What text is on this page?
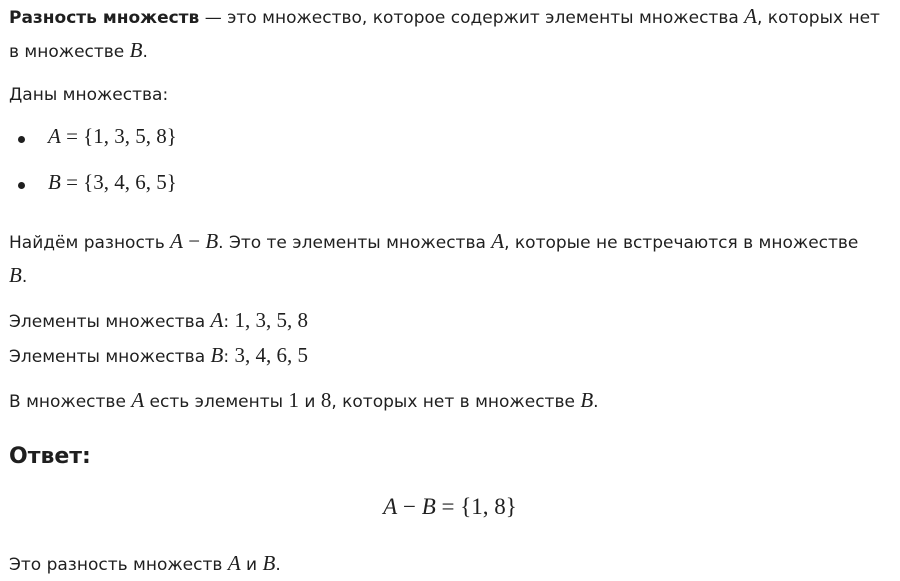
Разность множеств — это множество, которое содержит элементы множества A, которых нет
в множестве B.
Даны множества:
A = {1, 3, 5, 8}
B = {3, 4, 6, 5}
Найдём разность A − B. Это те элементы множества A, которые не встречаются в множестве
B.
Элементы множества A: 1, 3, 5, 8
Элементы множества B: 3, 4, 6, 5
В множестве A есть элементы 1 и 8, которых нет в множестве B.
Ответ:
A − B = {1, 8}
Это разность множеств A и B.
